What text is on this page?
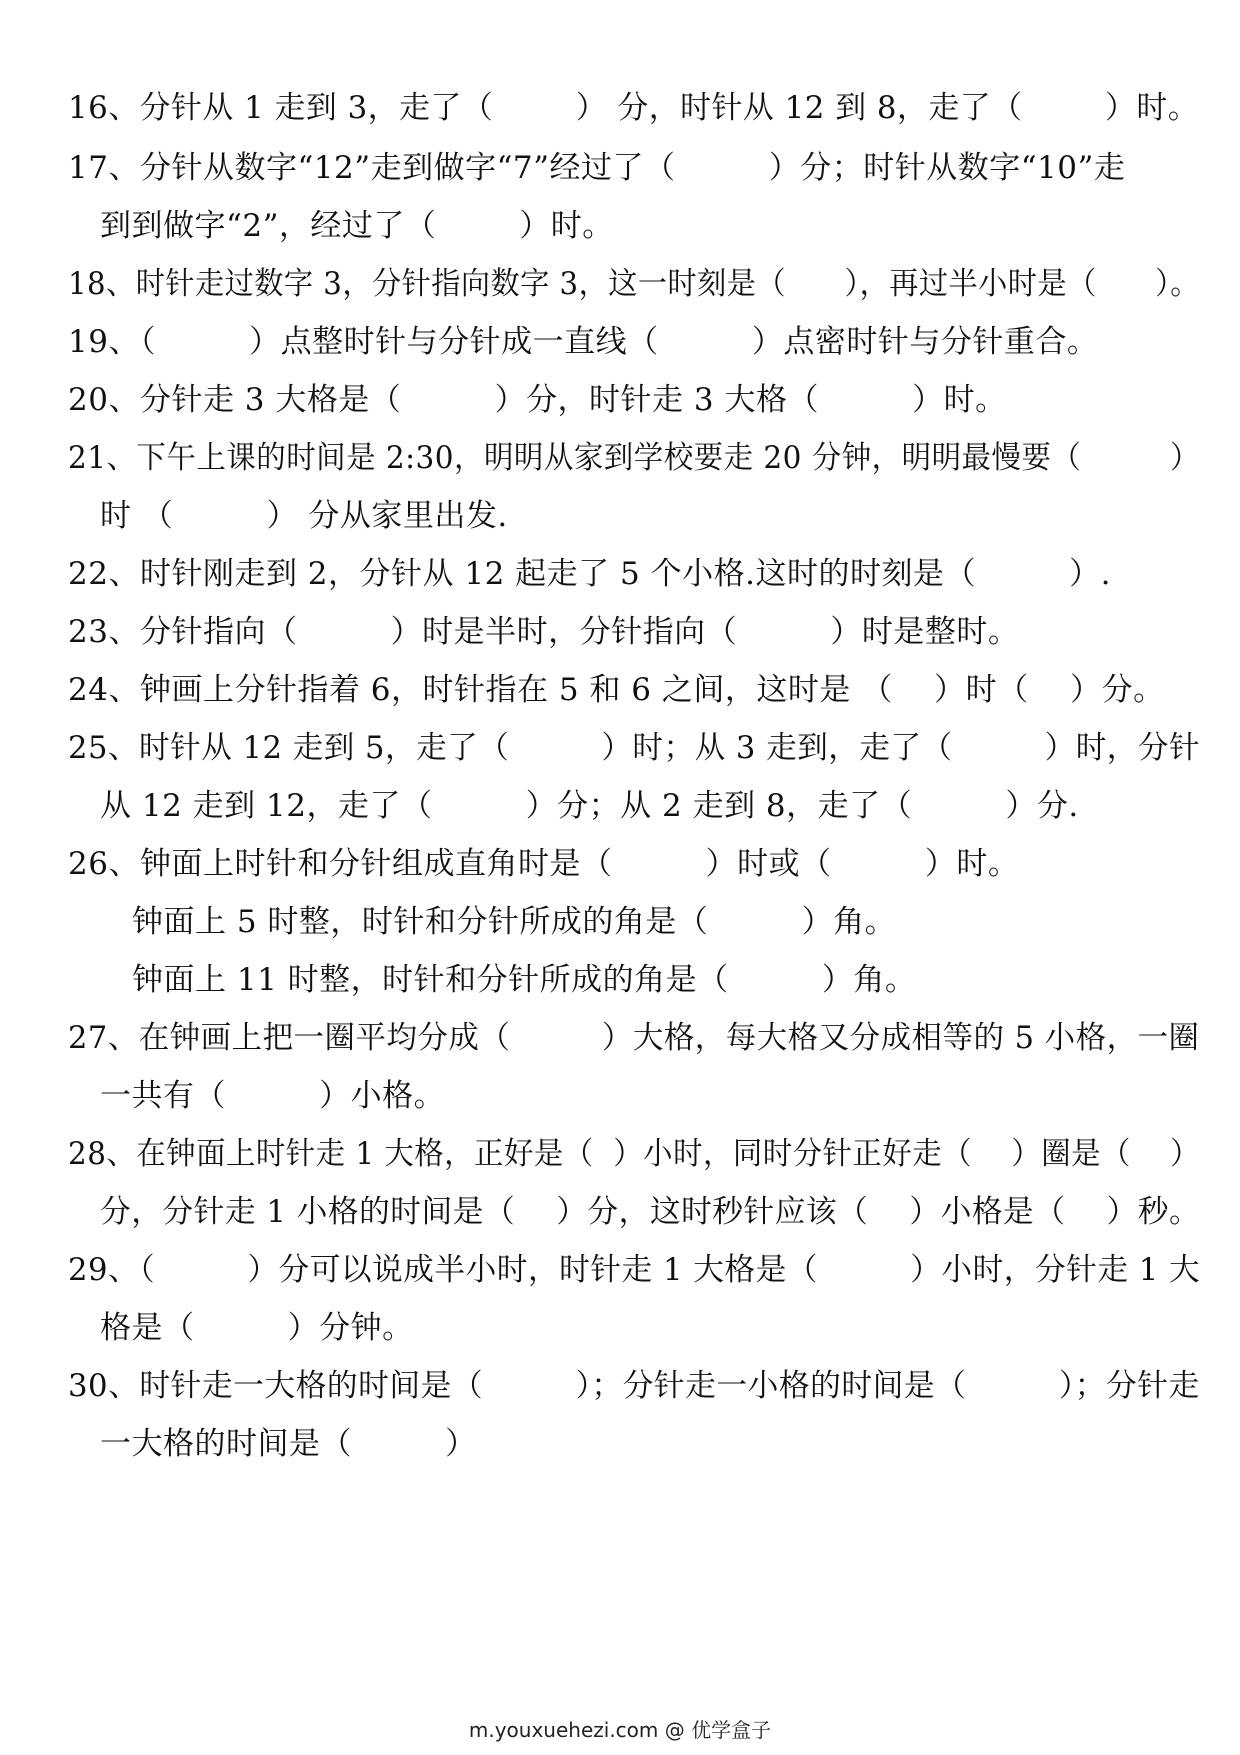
16、分针从 1 走到 3，走了（        ） 分，时针从 12 到 8，走了（        ）时。
17、分针从数字“12”走到做字“7”经过了（         ）分；时针从数字“10”走
到到做字“2”，经过了（        ）时。
18、时针走过数字 3，分针指向数字 3，这一时刻是（      ），再过半小时是（      ）。
19、（         ）点整时针与分针成一直线（         ）点密时针与分针重合。
20、分针走 3 大格是（         ）分，时针走 3 大格（         ）时。
21、下午上课的时间是 2:30，明明从家到学校要走 20 分钟，明明最慢要（         ）
时 （         ） 分从家里出发.
22、时针刚走到 2，分针从 12 起走了 5 个小格.这时的时刻是（         ）.
23、分针指向（         ）时是半时，分针指向（         ）时是整时。
24、钟画上分针指着 6，时针指在 5 和 6 之间，这时是 （    ）时（    ）分。
25、时针从 12 走到 5，走了（         ）时；从 3 走到，走了（         ）时，分针
从 12 走到 12，走了（         ）分；从 2 走到 8，走了（         ）分.
26、钟面上时针和分针组成直角时是（         ）时或（         ）时。
钟面上 5 时整，时针和分针所成的角是（         ）角。
钟面上 11 时整，时针和分针所成的角是（         ）角。
27、在钟画上把一圈平均分成（         ）大格，每大格又分成相等的 5 小格，一圈
一共有（         ）小格。
28、在钟面上时针走 1 大格，正好是（  ）小时，同时分针正好走（    ）圈是（    ）
分，分针走 1 小格的时间是（    ）分，这时秒针应该（    ）小格是（    ）秒。
29、（         ）分可以说成半小时，时针走 1 大格是（         ）小时，分针走 1 大
格是（         ）分钟。
30、时针走一大格的时间是（         ）；分针走一小格的时间是（         ）；分针走
一大格的时间是（         ）
m.youxuehezi.com @ 优学盒子
